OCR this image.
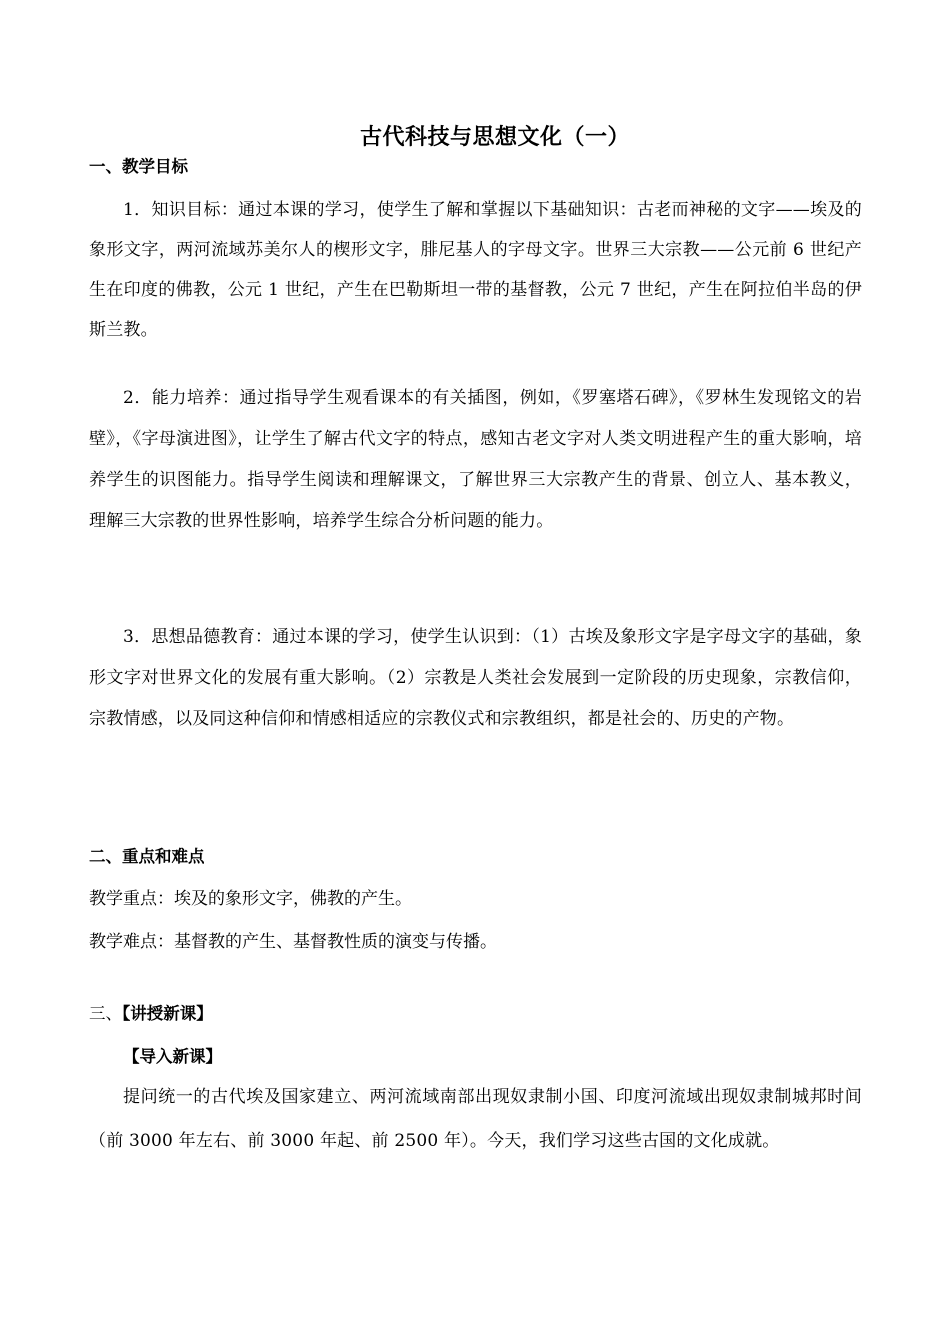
古代科技与思想文化（一）
一、教学目标
1．知识目标：通过本课的学习，使学生了解和掌握以下基础知识：古老而神秘的文字——埃及的象形文字，两河流域苏美尔人的楔形文字，腓尼基人的字母文字。世界三大宗教——公元前 6 世纪产生在印度的佛教，公元 1 世纪，产生在巴勒斯坦一带的基督教，公元 7 世纪，产生在阿拉伯半岛的伊斯兰教。
2．能力培养：通过指导学生观看课本的有关插图，例如，《罗塞塔石碑》，《罗林生发现铭文的岩壁》，《字母演进图》，让学生了解古代文字的特点，感知古老文字对人类文明进程产生的重大影响，培养学生的识图能力。指导学生阅读和理解课文，了解世界三大宗教产生的背景、创立人、基本教义，理解三大宗教的世界性影响，培养学生综合分析问题的能力。
3．思想品德教育：通过本课的学习，使学生认识到：（1）古埃及象形文字是字母文字的基础，象形文字对世界文化的发展有重大影响。（2）宗教是人类社会发展到一定阶段的历史现象，宗教信仰，宗教情感，以及同这种信仰和情感相适应的宗教仪式和宗教组织，都是社会的、历史的产物。
二、重点和难点
教学重点：埃及的象形文字，佛教的产生。
教学难点：基督教的产生、基督教性质的演变与传播。
三、【讲授新课】
【导入新课】
提问统一的古代埃及国家建立、两河流域南部出现奴隶制小国、印度河流域出现奴隶制城邦时间（前 3000 年左右、前 3000 年起、前 2500 年）。今天，我们学习这些古国的文化成就。
